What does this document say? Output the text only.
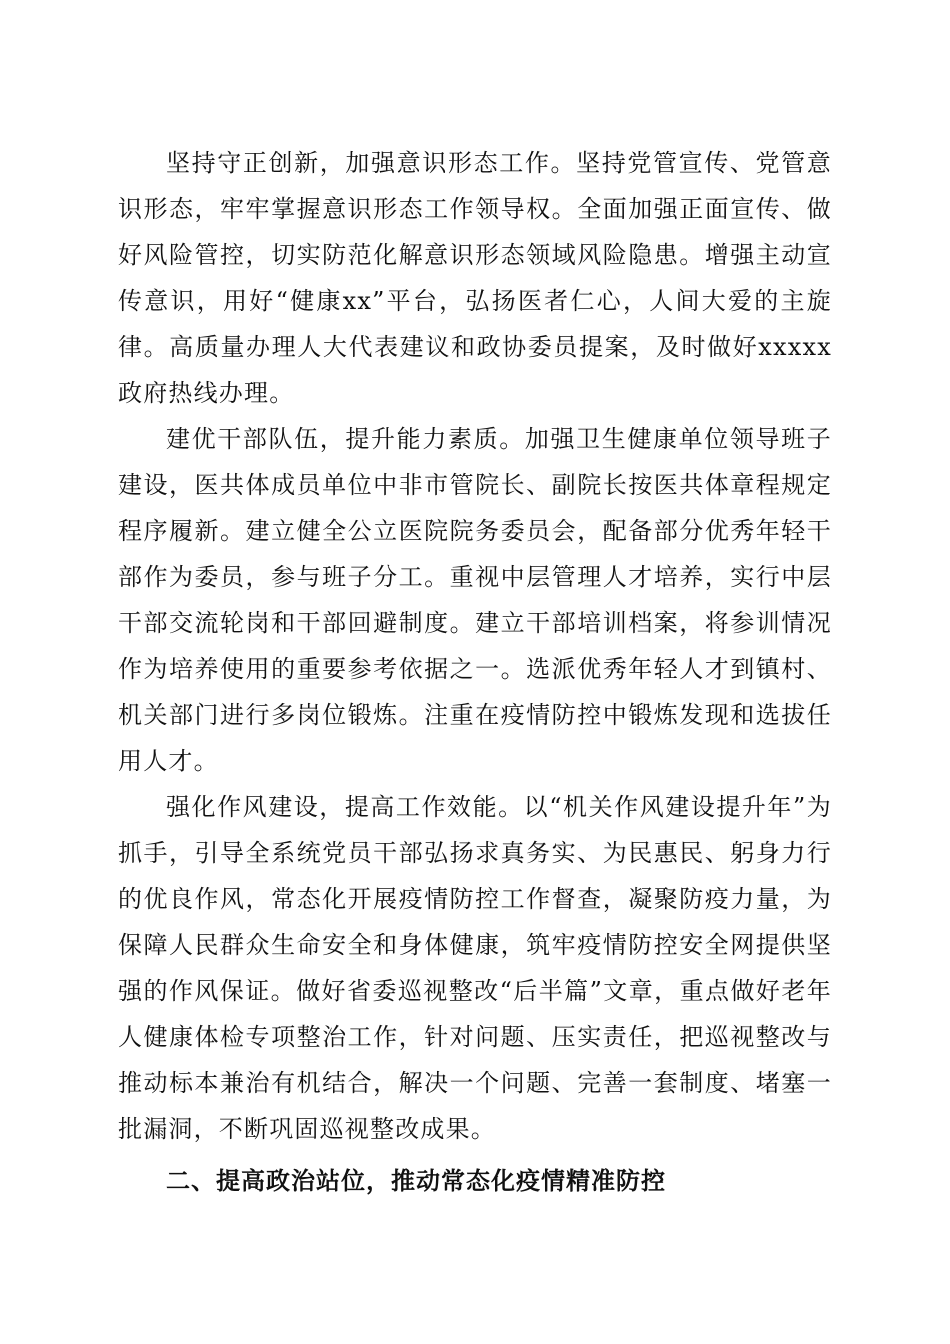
坚持守正创新，加强意识形态工作。坚持党管宣传、党管意识形态，牢牢掌握意识形态工作领导权。全面加强正面宣传、做好风险管控，切实防范化解意识形态领域风险隐患。增强主动宣传意识，用好“健康xx”平台，弘扬医者仁心，人间大爱的主旋律。高质量办理人大代表建议和政协委员提案，及时做好xxxxx政府热线办理。

建优干部队伍，提升能力素质。加强卫生健康单位领导班子建设，医共体成员单位中非市管院长、副院长按医共体章程规定程序履新。建立健全公立医院院务委员会，配备部分优秀年轻干部作为委员，参与班子分工。重视中层管理人才培养，实行中层干部交流轮岗和干部回避制度。建立干部培训档案，将参训情况作为培养使用的重要参考依据之一。选派优秀年轻人才到镇村、机关部门进行多岗位锻炼。注重在疫情防控中锻炼发现和选拔任用人才。

强化作风建设，提高工作效能。以“机关作风建设提升年”为抓手，引导全系统党员干部弘扬求真务实、为民惠民、躬身力行的优良作风，常态化开展疫情防控工作督查，凝聚防疫力量，为保障人民群众生命安全和身体健康，筑牢疫情防控安全网提供坚强的作风保证。做好省委巡视整改“后半篇”文章，重点做好老年人健康体检专项整治工作，针对问题、压实责任，把巡视整改与推动标本兼治有机结合，解决一个问题、完善一套制度、堵塞一批漏洞，不断巩固巡视整改成果。

二、提高政治站位，推动常态化疫情精准防控
